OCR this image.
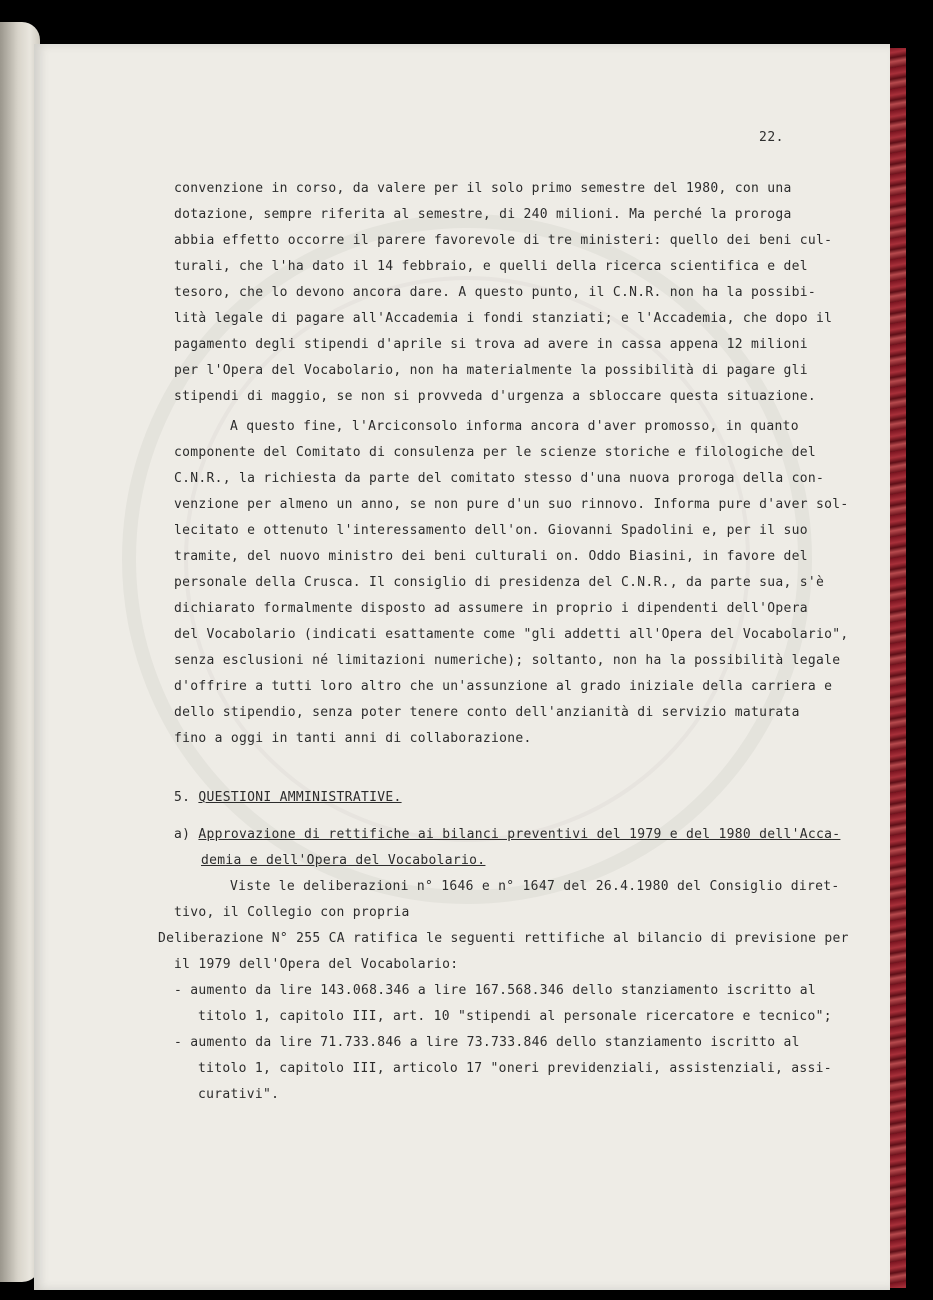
22.
convenzione in corso, da valere per il solo primo semestre del 1980, con una
dotazione, sempre riferita al semestre, di 240 milioni. Ma perché la proroga
abbia effetto occorre il parere favorevole di tre ministeri: quello dei beni cul-
turali, che l'ha dato il 14 febbraio, e quelli della ricerca scientifica e del
tesoro, che lo devono ancora dare. A questo punto, il C.N.R. non ha la possibi-
lità legale di pagare all'Accademia i fondi stanziati; e l'Accademia, che dopo il
pagamento degli stipendi d'aprile si trova ad avere in cassa appena 12 milioni
per l'Opera del Vocabolario, non ha materialmente la possibilità di pagare gli
stipendi di maggio, se non si provveda d'urgenza a sbloccare questa situazione.
A questo fine, l'Arciconsolo informa ancora d'aver promosso, in quanto
componente del Comitato di consulenza per le scienze storiche e filologiche del
C.N.R., la richiesta da parte del comitato stesso d'una nuova proroga della con-
venzione per almeno un anno, se non pure d'un suo rinnovo. Informa pure d'aver sol-
lecitato e ottenuto l'interessamento dell'on. Giovanni Spadolini e, per il suo
tramite, del nuovo ministro dei beni culturali on. Oddo Biasini, in favore del
personale della Crusca. Il consiglio di presidenza del C.N.R., da parte sua, s'è
dichiarato formalmente disposto ad assumere in proprio i dipendenti dell'Opera
del Vocabolario (indicati esattamente come "gli addetti all'Opera del Vocabolario",
senza esclusioni né limitazioni numeriche); soltanto, non ha la possibilità legale
d'offrire a tutti loro altro che un'assunzione al grado iniziale della carriera e
dello stipendio, senza poter tenere conto dell'anzianità di servizio maturata
fino a oggi in tanti anni di collaborazione.
5. QUESTIONI AMMINISTRATIVE.
a) Approvazione di rettifiche ai bilanci preventivi del 1979 e del 1980 dell'Acca-
demia e dell'Opera del Vocabolario.
Viste le deliberazioni n° 1646 e n° 1647 del 26.4.1980 del Consiglio diret-
tivo, il Collegio con propria
Deliberazione N° 255 CA ratifica le seguenti rettifiche al bilancio di previsione per
il 1979 dell'Opera del Vocabolario:
- aumento da lire 143.068.346 a lire 167.568.346 dello stanziamento iscritto al
titolo 1, capitolo III, art. 10 "stipendi al personale ricercatore e tecnico";
- aumento da lire 71.733.846 a lire 73.733.846 dello stanziamento iscritto al
titolo 1, capitolo III, articolo 17 "oneri previdenziali, assistenziali, assi-
curativi".
